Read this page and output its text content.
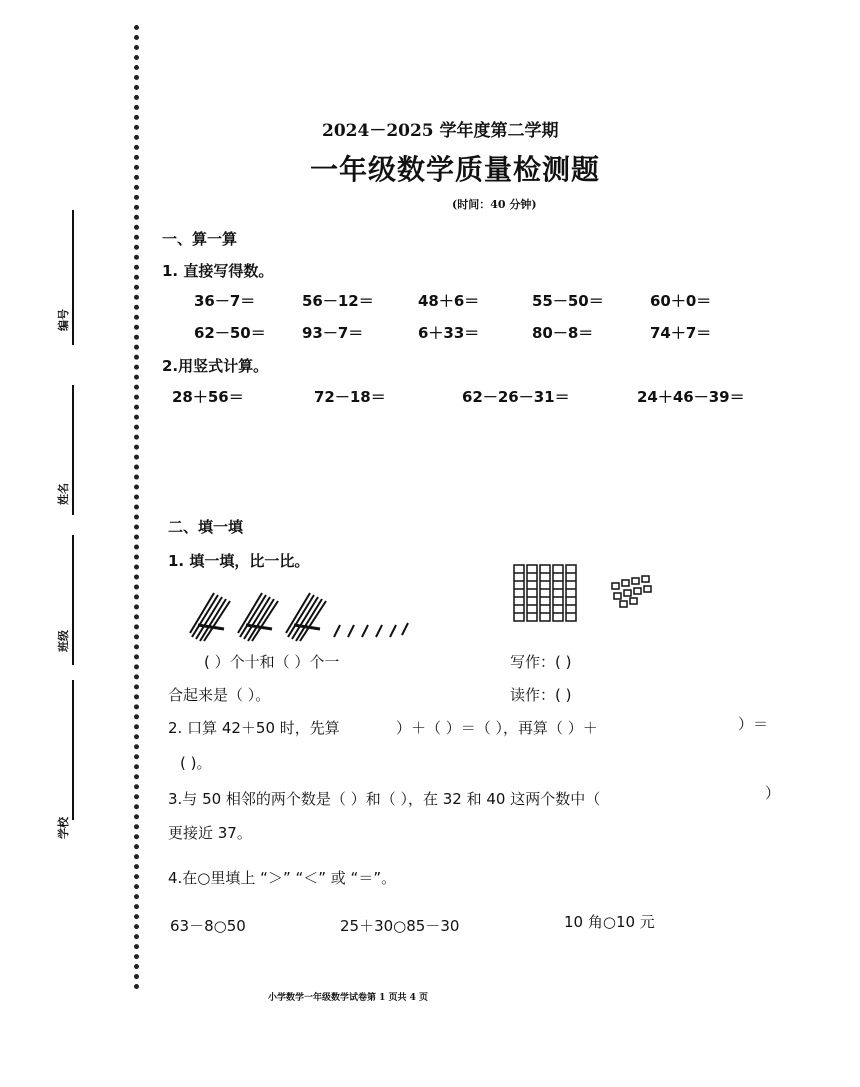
编号
姓名
班级
学校
2024－2025 学年度第二学期
一年级数学质量检测题
(时间：40 分钟)
一、算一算
1. 直接写得数。
36－7＝	56－12＝	48＋6＝	55－50＝	60＋0＝
62－50＝ 93－7＝	6＋33＝	80－8＝	74＋7＝
2.用竖式计算。
28＋56＝	72－18＝	62－26－31＝	24＋46－39＝
二、填一填
1. 填一填，比一比。
( ）个十和（ ）个一	写作：( )
合起来是（ ）。	读作：( )
2. 口算 42＋50 时，先算	）＋（ ）＝（ ），再算（ ）＋	）＝
( )。
3.与 50 相邻的两个数是（ ）和（ ），在 32 和 40 这两个数中（	）
更接近 37。
4.在○里填上 “＞” “＜” 或 “＝”。
63－8○50	25＋30○85－30	10 角○10 元
小学数学一年级数学试卷第 1 页共 4 页
